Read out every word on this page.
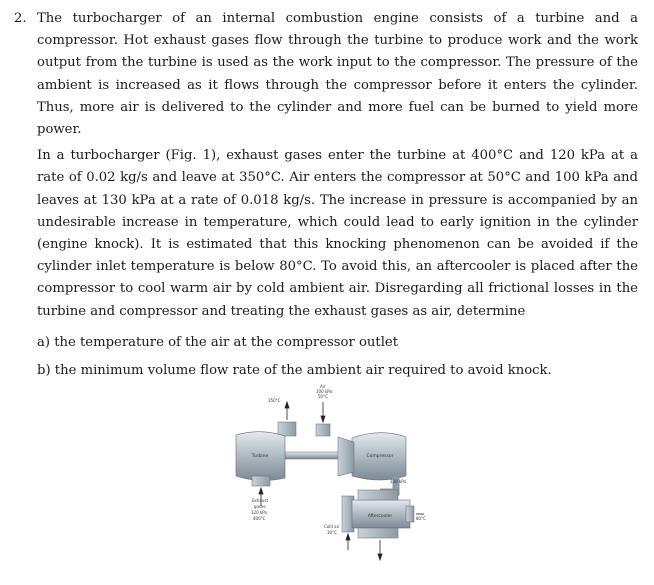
2. The turbocharger of an internal combustion engine consists of a turbine and a compressor. Hot exhaust gases flow through the turbine to produce work and the work output from the turbine is used as the work input to the compressor. The pressure of the ambient is increased as it flows through the compressor before it enters the cylinder. Thus, more air is delivered to the cylinder and more fuel can be burned to yield more power.

In a turbocharger (Fig. 1), exhaust gases enter the turbine at 400°C and 120 kPa at a rate of 0.02 kg/s and leave at 350°C. Air enters the compressor at 50°C and 100 kPa and leaves at 130 kPa at a rate of 0.018 kg/s. The increase in pressure is accompanied by an undesirable increase in temperature, which could lead to early ignition in the cylinder (engine knock). It is estimated that this knocking phenomenon can be avoided if the cylinder inlet temperature is below 80°C. To avoid this, an aftercooler is placed after the compressor to cool warm air by cold ambient air. Disregarding all frictional losses in the turbine and compressor and treating the exhaust gases as air, determine

a) the temperature of the air at the compressor outlet
b) the minimum volume flow rate of the ambient air required to avoid knock.
Turbine	Compressor
Aftercooler
350°C
Air
100 kPa
50°C
Exhaust
gases
120 kPa
400°C
Cold air
30°C
130 kPa
80°C
